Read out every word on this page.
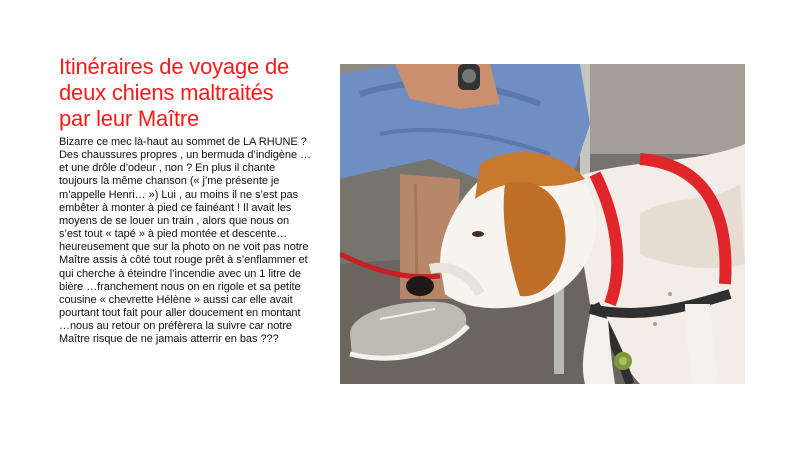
Itinéraires de voyage de deux chiens maltraités par leur Maître

Bizarre ce mec là-haut au sommet de LA RHUNE ? Des chaussures propres , un bermuda d’indigène …et une drôle d’odeur , non ? En plus il chante toujours la même chanson (« j’me présente je m’appelle Henri… ») Lui , au moins il ne s’est pas embêter à monter à pied ce fainéant ! Il avait les moyens de se louer un train , alors que nous on s’est tout « tapé » à pied montée et descente…heureusement que sur la photo on ne voit pas notre Maître assis à côté tout rouge prêt à s’enflammer et qui cherche à éteindre l’incendie avec un 1 litre de bière …franchement nous on en rigole et sa petite cousine « chevrette Hélène » aussi car elle avait pourtant tout fait pour aller doucement en montant …nous au retour on préfèrera la suivre car notre Maître risque de ne jamais atterrir en bas ???
